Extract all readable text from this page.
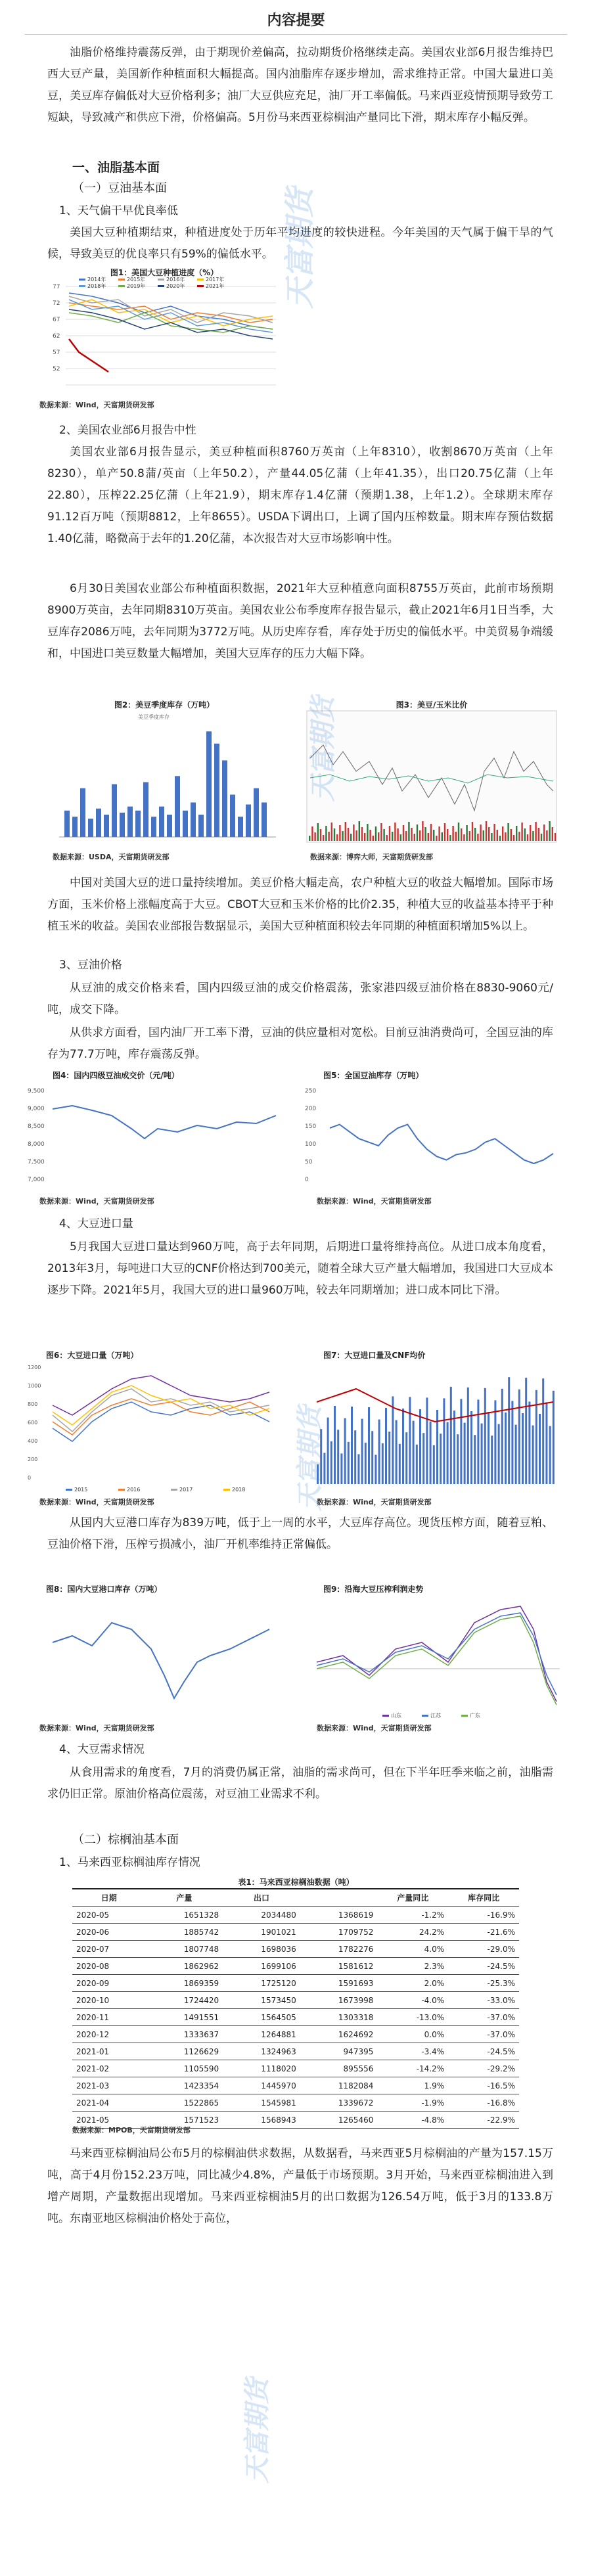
内容提要
油脂价格维持震荡反弹，由于期现价差偏高，拉动期货价格继续走高。美国农业部6月报告维持巴西大豆产量，美国新作种植面积大幅提高。国内油脂库存逐步增加，需求维持正常。中国大量进口美豆，美豆库存偏低对大豆价格利多；油厂大豆供应充足，油厂开工率偏低。马来西亚疫情预期导致劳工短缺，导致减产和供应下滑，价格偏高。5月份马来西亚棕榈油产量同比下滑，期末库存小幅反弹。
一、油脂基本面
（一）豆油基本面
1、天气偏干早优良率低
美国大豆种植期结束，种植进度处于历年平均进度的较快进程。今年美国的天气属于偏干旱的气候，导致美豆的优良率只有59%的偏低水平。
图1：美国大豆种植进度（%）
77
72
67
62
57
52
2014年	2015年	2016年	2017年
2018年	2019年	2020年	2021年
数据来源：Wind，天富期货研发部
2、美国农业部6月报告中性
美国农业部6月报告显示，美豆种植面积8760万英亩（上年8310），收割8670万英亩（上年8230），单产50.8蒲/英亩（上年50.2），产量44.05亿蒲（上年41.35），出口20.75亿蒲（上年22.80），压榨22.25亿蒲（上年21.9），期末库存1.4亿蒲（预期1.38，上年1.2）。全球期末库存91.12百万吨（预期8812，上年8655）。USDA下调出口，上调了国内压榨数量。期末库存预估数据1.40亿蒲，略微高于去年的1.20亿蒲，本次报告对大豆市场影响中性。
6月30日美国农业部公布种植面积数据，2021年大豆种植意向面积8755万英亩，此前市场预期8900万英亩，去年同期8310万英亩。美国农业公布季度库存报告显示，截止2021年6月1日当季，大豆库存2086万吨，去年同期为3772万吨。从历史库存看，库存处于历史的偏低水平。中美贸易争端缓和，中国进口美豆数量大幅增加，美国大豆库存的压力大幅下降。
图2：美豆季度库存（万吨）
美豆季度库存
数据来源：USDA，天富期货研发部
图3：美豆/玉米比价
数据来源：博弈大师，天富期货研发部
中国对美国大豆的进口量持续增加。美豆价格大幅走高，农户种植大豆的收益大幅增加。国际市场方面，玉米价格上涨幅度高于大豆。CBOT大豆和玉米价格的比价2.35，种植大豆的收益基本持平于种植玉米的收益。美国农业部报告数据显示，美国大豆种植面积较去年同期的种植面积增加5%以上。
3、豆油价格
从豆油的成交价格来看，国内四级豆油的成交价格震荡，张家港四级豆油价格在8830-9060元/吨，成交下降。
从供求方面看，国内油厂开工率下滑，豆油的供应量相对宽松。目前豆油消费尚可，全国豆油的库存为77.7万吨，库存震荡反弹。
图4：国内四级豆油成交价（元/吨）
9,500
9,000
8,500
8,000
7,500
7,000
数据来源：Wind，天富期货研发部
图5：全国豆油库存（万吨）
250
200
150
100
50
0
数据来源：Wind，天富期货研发部
4、大豆进口量
5月我国大豆进口量达到960万吨，高于去年同期，后期进口量将维持高位。从进口成本角度看，2013年3月，每吨进口大豆的CNF价格达到700美元，随着全球大豆产量大幅增加，我国进口大豆成本逐步下降。2021年5月，我国大豆的进口量960万吨，较去年同期增加；进口成本同比下滑。
图6：大豆进口量（万吨）
1200
1000
800
600
400
200
0
2015	2016	2017	2018
数据来源：Wind，天富期货研发部
图7：大豆进口量及CNF均价
数据来源：Wind，天富期货研发部
从国内大豆港口库存为839万吨，低于上一周的水平，大豆库存高位。现货压榨方面，随着豆粕、豆油价格下滑，压榨亏损减小，油厂开机率维持正常偏低。
图8：国内大豆港口库存（万吨）
数据来源：Wind，天富期货研发部
图9：沿海大豆压榨利润走势
山东	江苏	广东
数据来源：Wind，天富期货研发部
4、大豆需求情况
从食用需求的角度看，7月的消费仍属正常，油脂的需求尚可，但在下半年旺季来临之前，油脂需求仍旧正常。原油价格高位震荡，对豆油工业需求不利。
（二）棕榈油基本面
1、马来西亚棕榈油库存情况
表1：马来西亚棕榈油数据（吨）
日期	产量	出口		产量同比	库存同比
2020-05	1651328	2034480	1368619	-1.2%	-16.9%
2020-06	1885742	1901021	1709752	24.2%	-21.6%
2020-07	1807748	1698036	1782276	4.0%	-29.0%
2020-08	1862962	1699106	1581612	2.3%	-24.5%
2020-09	1869359	1725120	1591693	2.0%	-25.3%
2020-10	1724420	1573450	1673998	-4.0%	-33.0%
2020-11	1491551	1564505	1303318	-13.0%	-37.0%
2020-12	1333637	1264881	1624692	0.0%	-37.0%
2021-01	1126629	1324963	947395	-3.4%	-24.5%
2021-02	1105590	1118020	895556	-14.2%	-29.2%
2021-03	1423354	1445970	1182084	1.9%	-16.5%
2021-04	1522865	1545981	1339672	-1.9%	-16.8%
2021-05	1571523	1568943	1265460	-4.8%	-22.9%
数据来源：MPOB，天富期货研发部
马来西亚棕榈油局公布5月的棕榈油供求数据，从数据看，马来西亚5月棕榈油的产量为157.15万吨，高于4月份152.23万吨，同比减少4.8%，产量低于市场预期。3月开始，马来西亚棕榈油进入到增产周期，产量数据出现增加。马来西亚棕榈油5月的出口数据为126.54万吨，低于3月的133.8万吨。东南亚地区棕榈油价格处于高位，
天富期货
天富期货
天富期货
天富期货
